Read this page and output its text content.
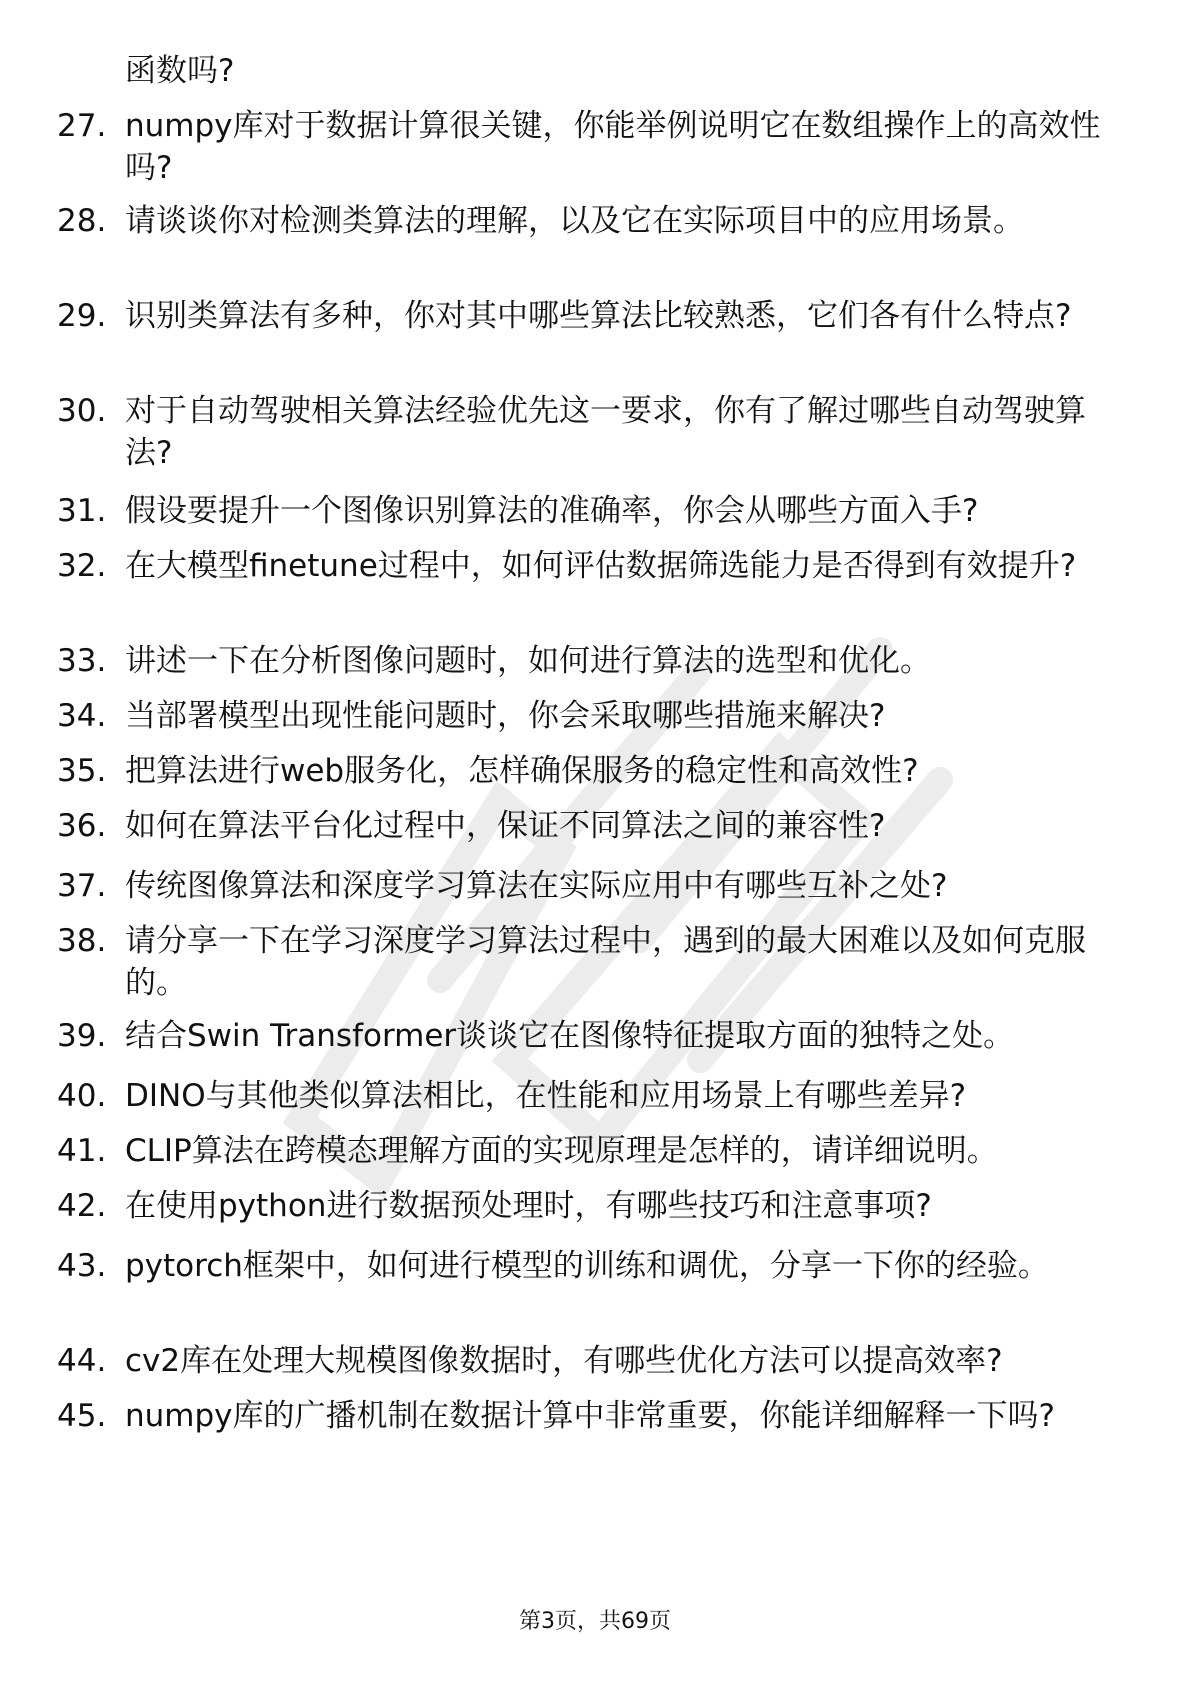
函数吗?

27. numpy库对于数据计算很关键，你能举例说明它在数组操作上的高效性吗?
28. 请谈谈你对检测类算法的理解，以及它在实际项目中的应用场景。
29. 识别类算法有多种，你对其中哪些算法比较熟悉，它们各有什么特点?
30. 对于自动驾驶相关算法经验优先这一要求，你有了解过哪些自动驾驶算法?
31. 假设要提升一个图像识别算法的准确率，你会从哪些方面入手?
32. 在大模型finetune过程中，如何评估数据筛选能力是否得到有效提升?
33. 讲述一下在分析图像问题时，如何进行算法的选型和优化。
34. 当部署模型出现性能问题时，你会采取哪些措施来解决?
35. 把算法进行web服务化，怎样确保服务的稳定性和高效性?
36. 如何在算法平台化过程中，保证不同算法之间的兼容性?
37. 传统图像算法和深度学习算法在实际应用中有哪些互补之处?
38. 请分享一下在学习深度学习算法过程中，遇到的最大困难以及如何克服的。
39. 结合Swin Transformer谈谈它在图像特征提取方面的独特之处。
40. DINO与其他类似算法相比，在性能和应用场景上有哪些差异?
41. CLIP算法在跨模态理解方面的实现原理是怎样的，请详细说明。
42. 在使用python进行数据预处理时，有哪些技巧和注意事项?
43. pytorch框架中，如何进行模型的训练和调优，分享一下你的经验。
44. cv2库在处理大规模图像数据时，有哪些优化方法可以提高效率?
45. numpy库的广播机制在数据计算中非常重要，你能详细解释一下吗?
第3页，共69页
